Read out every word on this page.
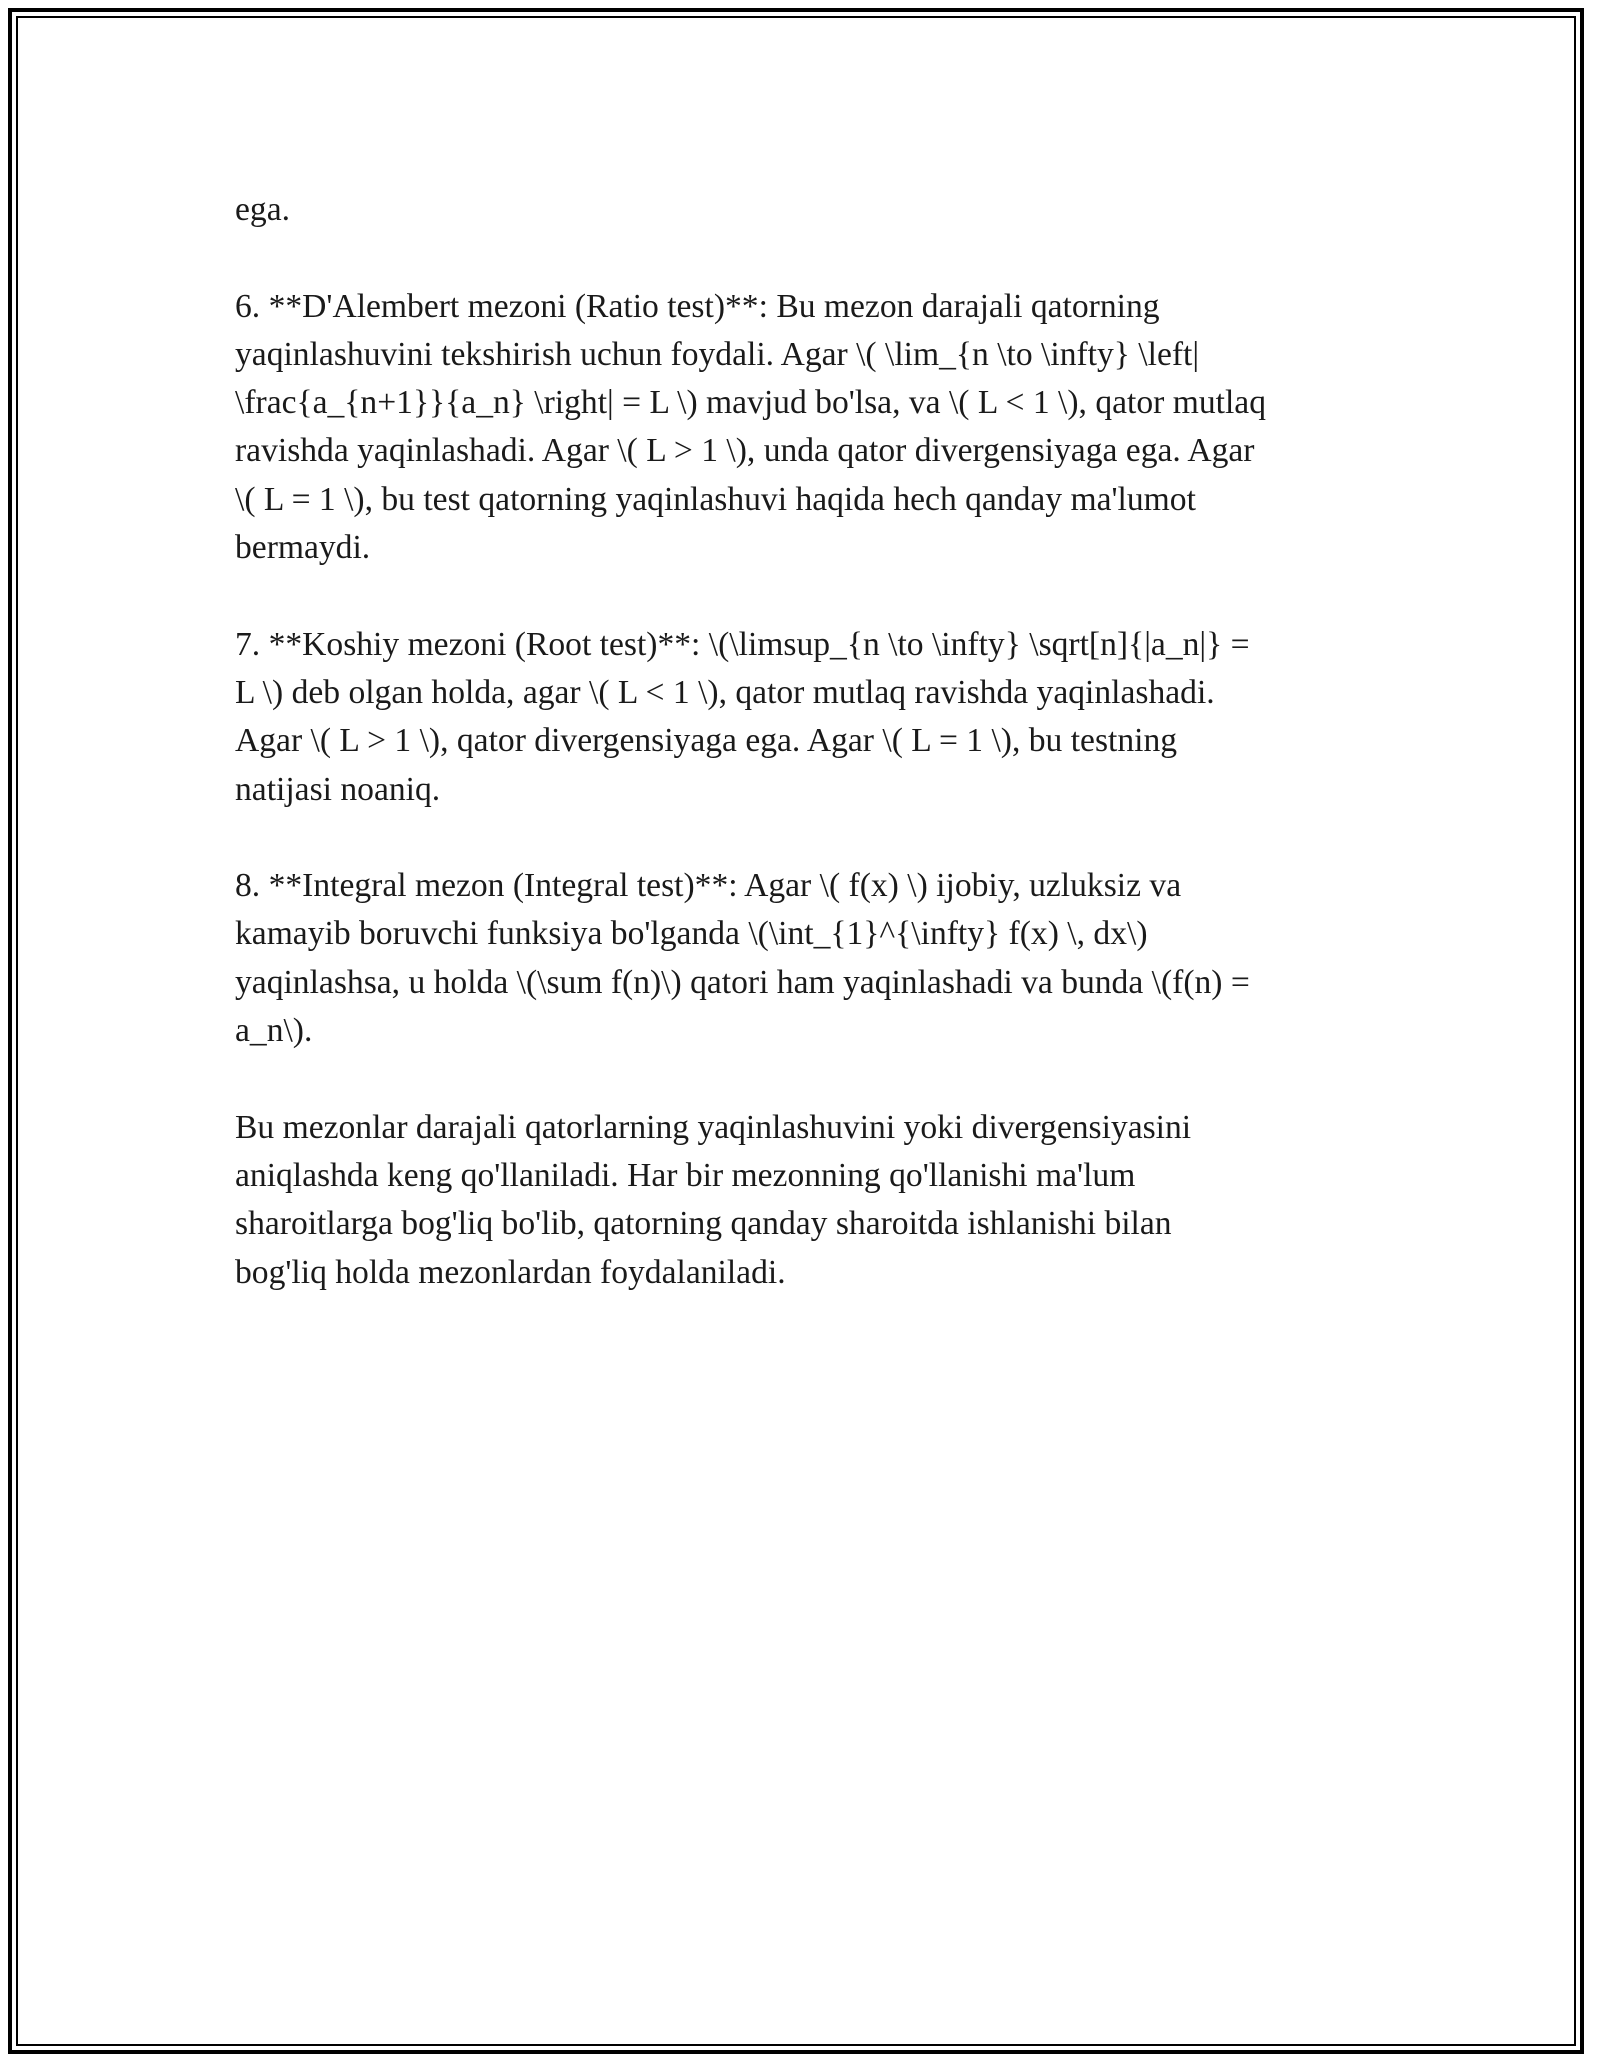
ega.
6. **D'Alembert mezoni (Ratio test)**: Bu mezon darajali qatorning
yaqinlashuvini tekshirish uchun foydali. Agar \( \lim_{n \to \infty} \left|
\frac{a_{n+1}}{a_n} \right| = L \) mavjud bo'lsa, va \( L < 1 \), qator mutlaq
ravishda yaqinlashadi. Agar \( L > 1 \), unda qator divergensiyaga ega. Agar
\( L = 1 \), bu test qatorning yaqinlashuvi haqida hech qanday ma'lumot
bermaydi.
7. **Koshiy mezoni (Root test)**: \(\limsup_{n \to \infty} \sqrt[n]{|a_n|} =
L \) deb olgan holda, agar \( L < 1 \), qator mutlaq ravishda yaqinlashadi.
Agar \( L > 1 \), qator divergensiyaga ega. Agar \( L = 1 \), bu testning
natijasi noaniq.
8. **Integral mezon (Integral test)**: Agar \( f(x) \) ijobiy, uzluksiz va
kamayib boruvchi funksiya bo'lganda \(\int_{1}^{\infty} f(x) \, dx\)
yaqinlashsa, u holda \(\sum f(n)\) qatori ham yaqinlashadi va bunda \(f(n) =
a_n\).
Bu mezonlar darajali qatorlarning yaqinlashuvini yoki divergensiyasini
aniqlashda keng qo'llaniladi. Har bir mezonning qo'llanishi ma'lum
sharoitlarga bog'liq bo'lib, qatorning qanday sharoitda ishlanishi bilan
bog'liq holda mezonlardan foydalaniladi.
